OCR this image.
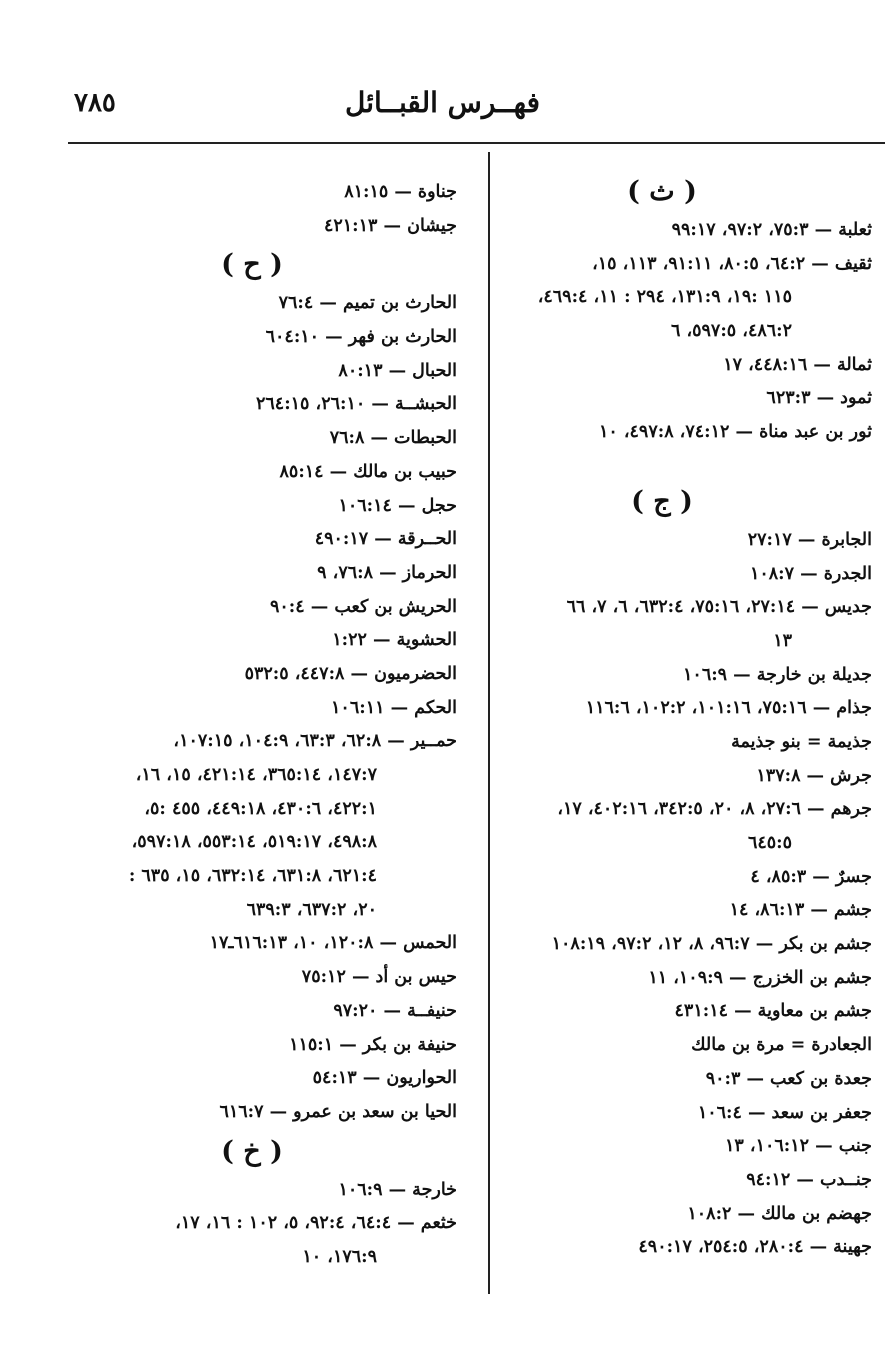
٧٨٥	فهــرس القبــائل
( ث )
ثعلبة — ٧٥:٣، ٩٧:٢، ٩٩:١٧
ثقيف — ٦٤:٢، ٨٠:٥، ٩١:١١، ١١٣، ١٥،
١١٥ :١٩، ١٣١:٩، ٢٩٤ : ١١، ٤٦٩:٤،
٤٨٦:٢، ٥٩٧:٥، ٦
ثمالة — ٤٤٨:١٦، ١٧
ثمود — ٦٢٣:٣
ثور بن عبد مناة — ٧٤:١٢، ٤٩٧:٨، ١٠
( ج )
الجابرة — ٢٧:١٧
الجدرة — ١٠٨:٧
جديس — ٢٧:١٤، ٧٥:١٦، ٦٣٢:٤، ٦، ٧، ٦٦
١٣
جديلة بن خارجة — ١٠٦:٩
جذام — ٧٥:١٦، ١٠١:١٦، ١٠٢:٢، ١١٦:٦
جذيمة = بنو جذيمة
جرش — ١٣٧:٨
جرهم — ٢٧:٦، ٨، ٢٠، ٣٤٢:٥، ٤٠٢:١٦، ١٧،
٦٤٥:٥
جسرٌ — ٨٥:٣، ٤
جشم — ٨٦:١٣، ١٤
جشم بن بكر — ٩٦:٧، ٨، ١٢، ٩٧:٢، ١٠٨:١٩
جشم بن الخزرج — ١٠٩:٩، ١١
جشم بن معاوية — ٤٣١:١٤
الجعادرة = مرة بن مالك
جعدة بن كعب — ٩٠:٣
جعفر بن سعد — ١٠٦:٤
جنب — ١٠٦:١٢، ١٣
جنــدب — ٩٤:١٢
جهضم بن مالك — ١٠٨:٢
جهينة — ٢٨٠:٤، ٢٥٤:٥، ٤٩٠:١٧
جناوة — ٨١:١٥
جيشان — ٤٢١:١٣
( ح )
الحارث بن تميم — ٧٦:٤
الحارث بن فهر — ٦٠٤:١٠
الحبال — ٨٠:١٣
الحبشــة — ٢٦:١٠، ٢٦٤:١٥
الحبطات — ٧٦:٨
حبيب بن مالك — ٨٥:١٤
حجل — ١٠٦:١٤
الحــرقة — ٤٩٠:١٧
الحرماز — ٧٦:٨، ٩
الحريش بن كعب — ٩٠:٤
الحشوية — ١:٢٢
الحضرميون — ٤٤٧:٨، ٥٣٢:٥
الحكم — ١٠٦:١١
حمــير — ٦٢:٨، ٦٣:٣، ١٠٤:٩، ١٠٧:١٥،
١٤٧:٧، ٣٦٥:١٤، ٤٢١:١٤، ١٥، ١٦،
٤٢٢:١، ٤٣٠:٦، ٤٤٩:١٨، ٤٥٥ :٥،
٤٩٨:٨، ٥١٩:١٧، ٥٥٣:١٤، ٥٩٧:١٨،
٦٢١:٤، ٦٣١:٨، ٦٣٢:١٤، ١٥، ٦٣٥ :
٢٠، ٦٣٧:٢، ٦٣٩:٣
الحمس — ١٢٠:٨، ١٠، ٦١٦:١٣ـ١٧
حيس بن أد — ٧٥:١٢
حنيفــة — ٩٧:٢٠
حنيفة بن بكر — ١١٥:١
الحواريون — ٥٤:١٣
الحيا بن سعد بن عمرو — ٦١٦:٧
( خ )
خارجة — ١٠٦:٩
خثعم — ٦٤:٤، ٩٢:٤، ٥، ١٠٢ : ١٦، ١٧،
١٧٦:٩، ١٠
